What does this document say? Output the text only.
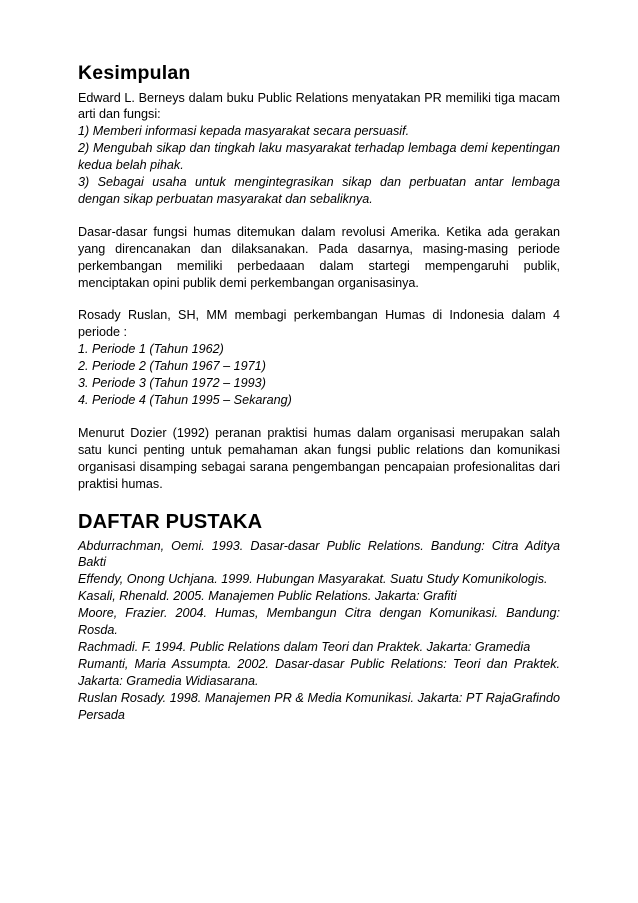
Kesimpulan

Edward L. Berneys dalam buku Public Relations menyatakan PR memiliki tiga macam arti dan fungsi:

1) Memberi informasi kepada masyarakat secara persuasif.

2) Mengubah sikap dan tingkah laku masyarakat terhadap lembaga demi kepentingan kedua belah pihak.

3) Sebagai usaha untuk mengintegrasikan sikap dan perbuatan antar lembaga dengan sikap perbuatan masyarakat dan sebaliknya.

Dasar-dasar fungsi humas ditemukan dalam revolusi Amerika. Ketika ada gerakan yang direncanakan dan dilaksanakan. Pada dasarnya, masing-masing periode perkembangan memiliki perbedaaan dalam startegi mempengaruhi publik, menciptakan opini publik demi perkembangan organisasinya.

Rosady Ruslan, SH, MM membagi perkembangan Humas di Indonesia dalam 4 periode :

1. Periode 1 (Tahun 1962)

2. Periode 2 (Tahun 1967 – 1971)

3. Periode 3 (Tahun 1972 – 1993)

4. Periode 4 (Tahun 1995 – Sekarang)

Menurut Dozier (1992) peranan praktisi humas dalam organisasi merupakan salah satu kunci penting untuk pemahaman akan fungsi public relations dan komunikasi organisasi disamping sebagai sarana pengembangan pencapaian profesionalitas dari praktisi humas.

DAFTAR PUSTAKA

Abdurrachman, Oemi. 1993. Dasar-dasar Public Relations. Bandung: Citra Aditya Bakti

Effendy, Onong Uchjana. 1999. Hubungan Masyarakat. Suatu Study Komunikologis.

Kasali, Rhenald. 2005. Manajemen Public Relations. Jakarta: Grafiti

Moore, Frazier. 2004. Humas, Membangun Citra dengan Komunikasi. Bandung: Rosda.

Rachmadi. F. 1994. Public Relations dalam Teori dan Praktek. Jakarta: Gramedia

Rumanti, Maria Assumpta. 2002. Dasar-dasar Public Relations: Teori dan Praktek. Jakarta: Gramedia Widiasarana.

Ruslan Rosady. 1998. Manajemen PR & Media Komunikasi. Jakarta: PT RajaGrafindo Persada
